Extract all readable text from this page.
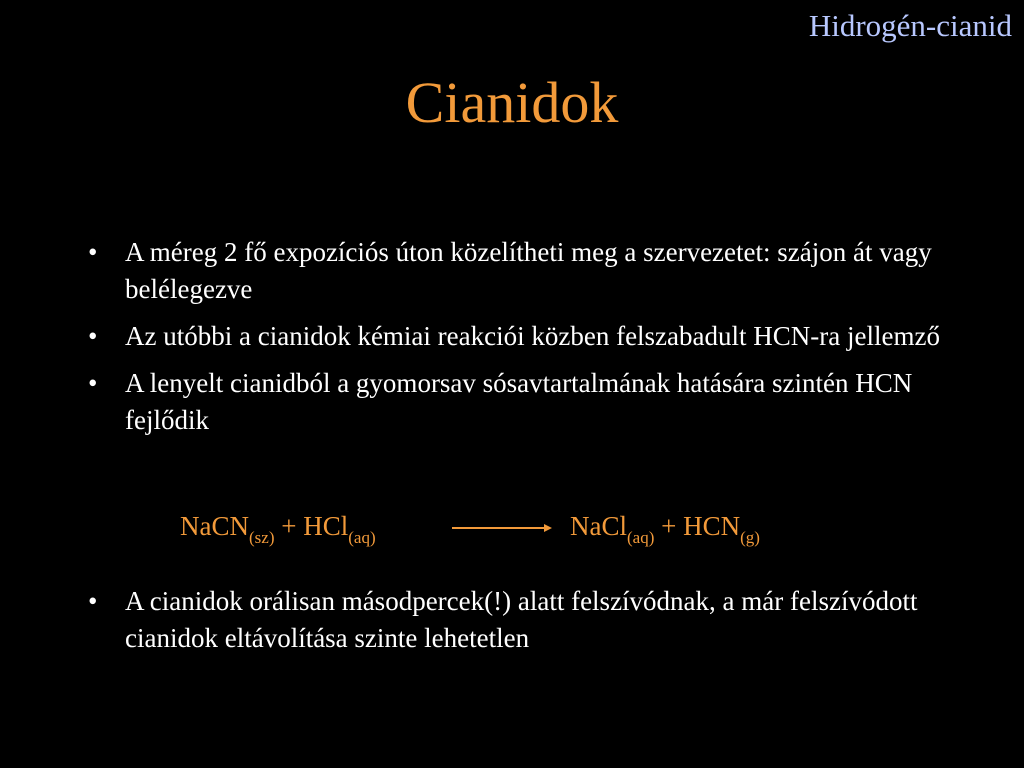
Hidrogén-cianid
Cianidok
• A méreg 2 fő expozíciós úton közelítheti meg a szervezetet: szájon át vagy belélegezve
• Az utóbbi a cianidok kémiai reakciói közben felszabadult HCN-ra jellemző
• A lenyelt cianidból a gyomorsav sósavtartalmának hatására szintén HCN fejlődik
NaCN$_{(sz)}$ + HCl$_{(aq)}$	→ NaCl$_{(aq)}$ + $HCN_{(g)}$
• A cianidok orálisan másodpercek(!) alatt felszívódnak, a már felszívódott cianidok eltávolítása szinte lehetetlen
